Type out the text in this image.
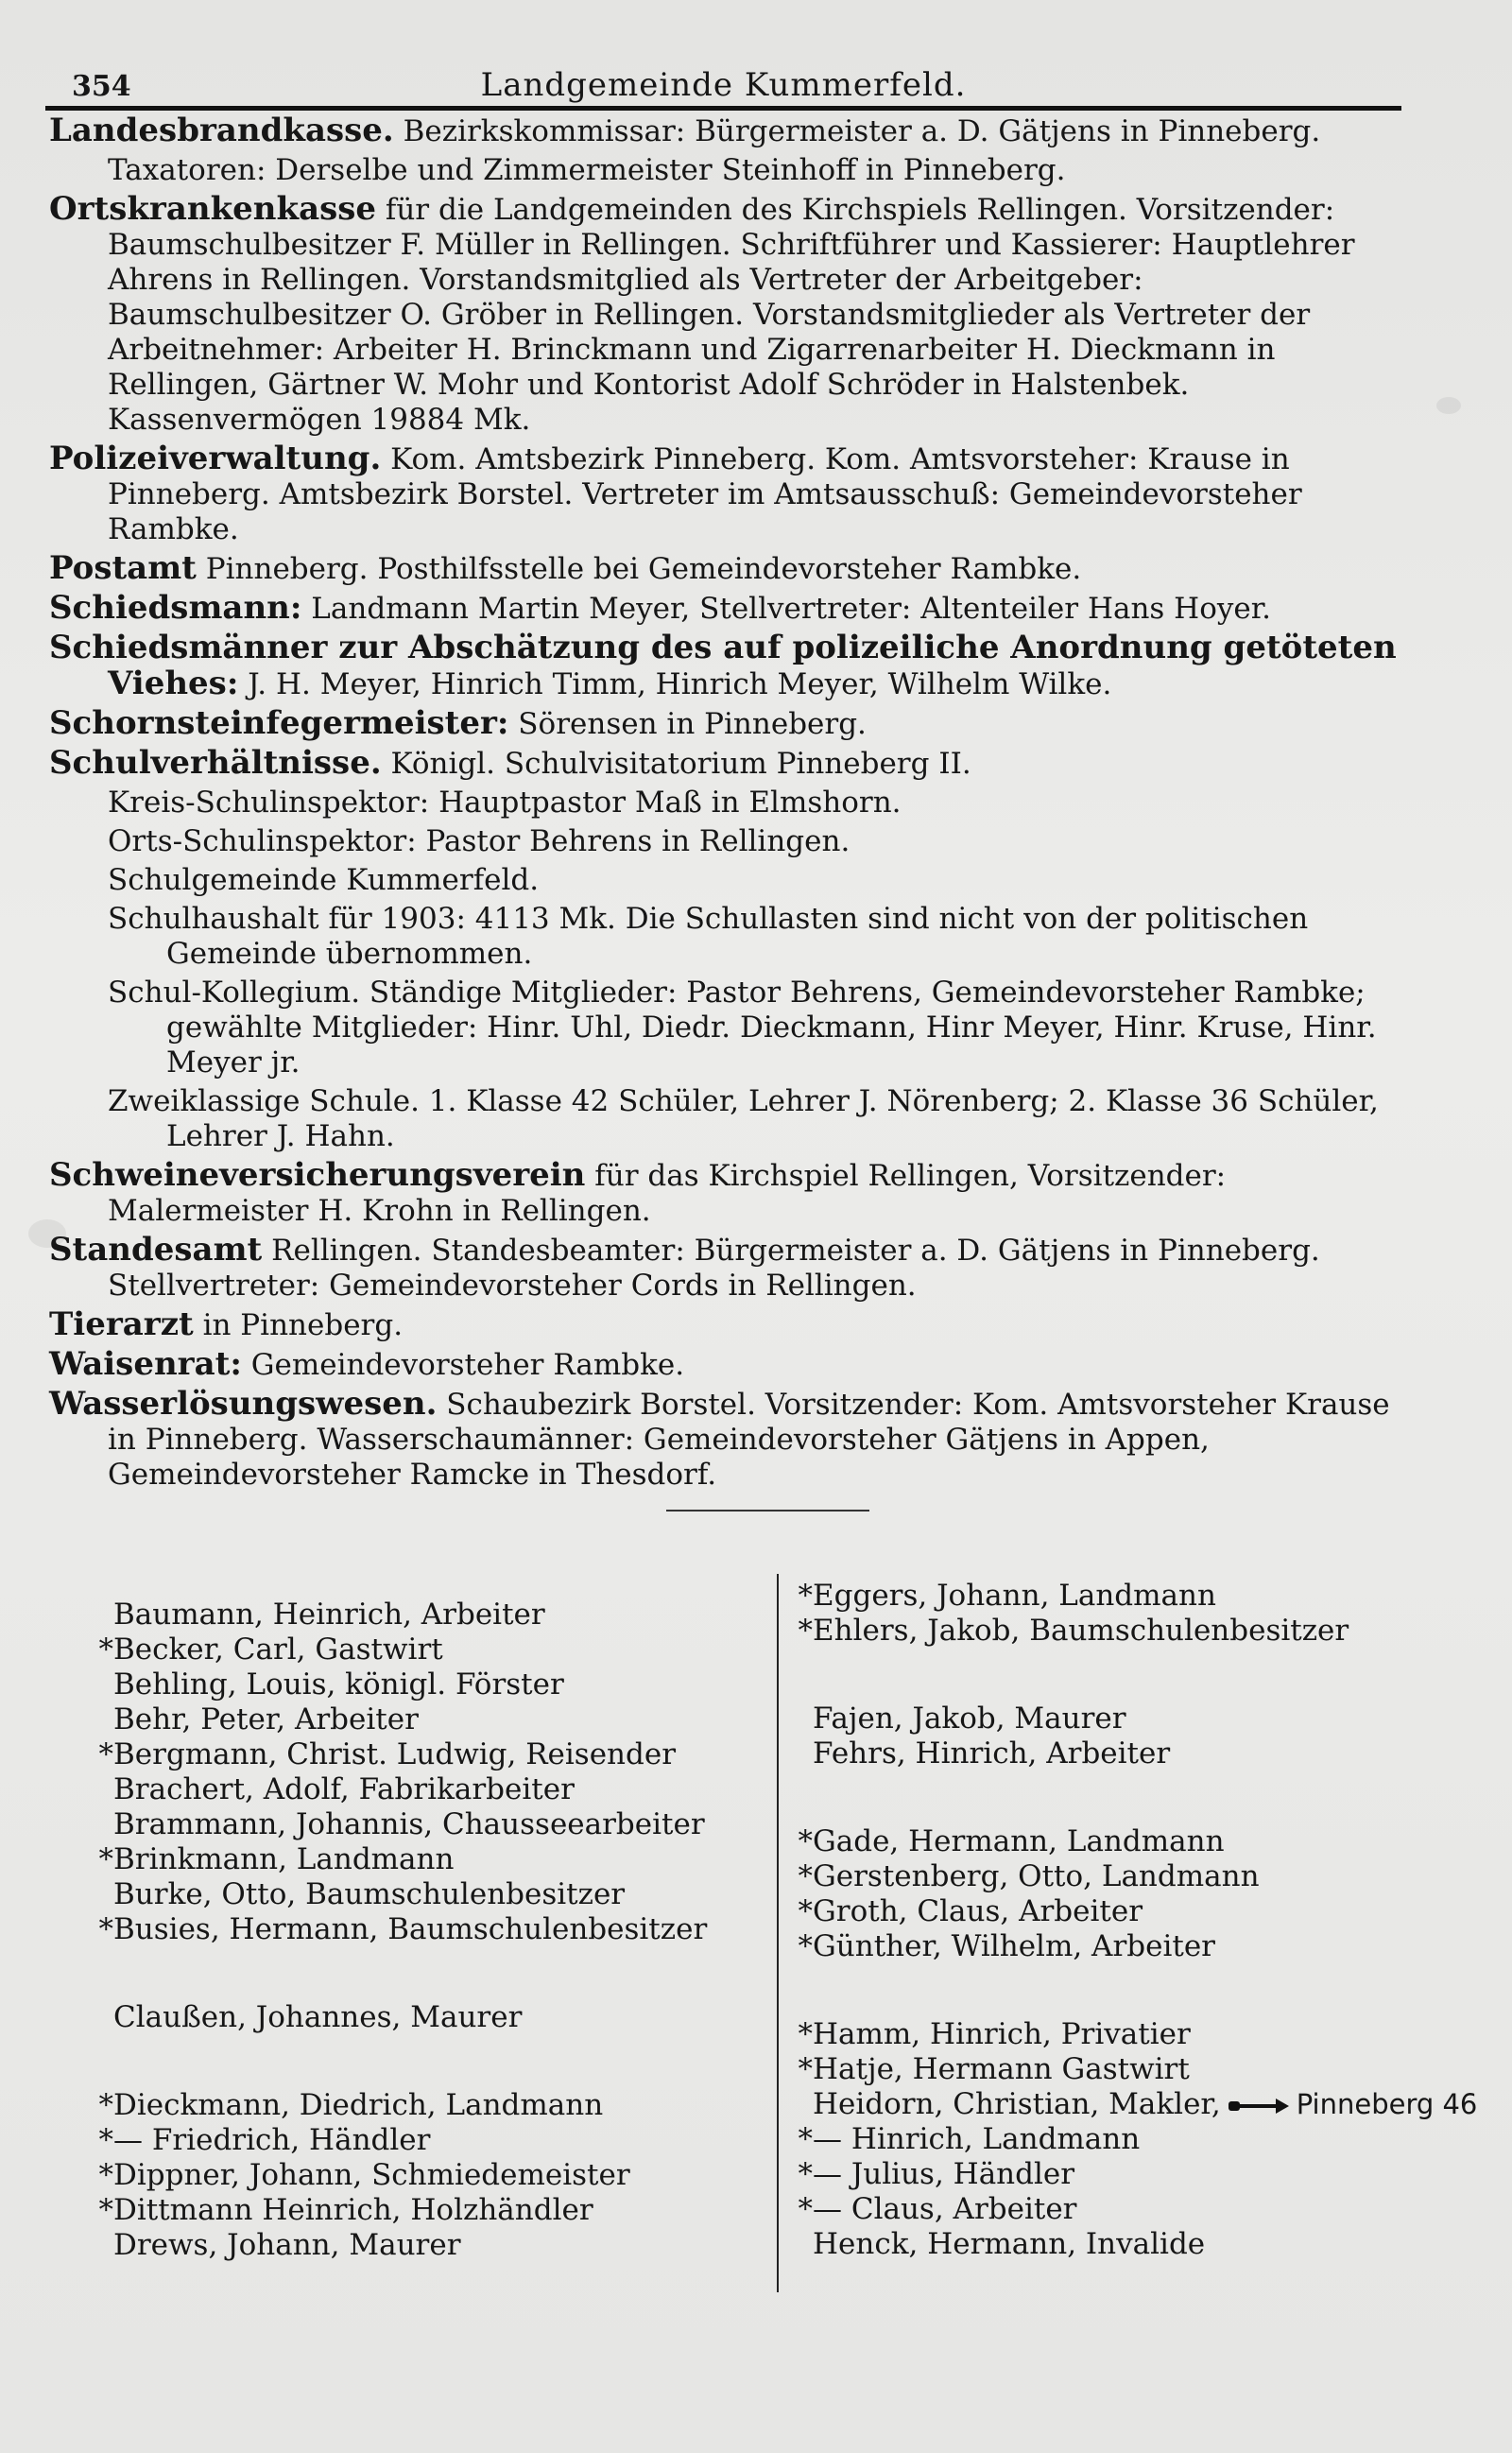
354	Landgemeinde Kummerfeld.

Landesbrandkasse. Bezirkskommissar: Bürgermeister a. D. Gätjens in Pinneberg.

Taxatoren: Derselbe und Zimmermeister Steinhoff in Pinneberg.

Ortskrankenkasse für die Landgemeinden des Kirchspiels Rellingen. Vorsitzender: Baumschulbesitzer F. Müller in Rellingen. Schriftführer und Kassierer: Hauptlehrer Ahrens in Rellingen. Vorstandsmitglied als Vertreter der Arbeitgeber: Baumschulbesitzer O. Gröber in Rellingen. Vorstandsmitglieder als Vertreter der Arbeitnehmer: Arbeiter H. Brinckmann und Zigarrenarbeiter H. Dieckmann in Rellingen, Gärtner W. Mohr und Kontorist Adolf Schröder in Halstenbek. Kassenvermögen 19884 Mk.

Polizeiverwaltung. Kom. Amtsbezirk Pinneberg. Kom. Amtsvorsteher: Krause in Pinneberg. Amtsbezirk Borstel. Vertreter im Amtsausschuß: Gemeindevorsteher Rambke.

Postamt Pinneberg. Posthilfsstelle bei Gemeindevorsteher Rambke.

Schiedsmann: Landmann Martin Meyer, Stellvertreter: Altenteiler Hans Hoyer.

Schiedsmänner zur Abschätzung des auf polizeiliche Anordnung getöteten Viehes: J. H. Meyer, Hinrich Timm, Hinrich Meyer, Wilhelm Wilke.

Schornsteinfegermeister: Sörensen in Pinneberg.

Schulverhältnisse. Königl. Schulvisitatorium Pinneberg II.

Kreis-Schulinspektor: Hauptpastor Maß in Elmshorn.

Orts-Schulinspektor: Pastor Behrens in Rellingen.

Schulgemeinde Kummerfeld.

Schulhaushalt für 1903: 4113 Mk. Die Schullasten sind nicht von der politischen Gemeinde übernommen.

Schul-Kollegium. Ständige Mitglieder: Pastor Behrens, Gemeindevorsteher Rambke; gewählte Mitglieder: Hinr. Uhl, Diedr. Dieckmann, Hinr Meyer, Hinr. Kruse, Hinr. Meyer jr.

Zweiklassige Schule. 1. Klasse 42 Schüler, Lehrer J. Nörenberg; 2. Klasse 36 Schüler, Lehrer J. Hahn.

Schweineversicherungsverein für das Kirchspiel Rellingen, Vorsitzender: Malermeister H. Krohn in Rellingen.

Standesamt Rellingen. Standesbeamter: Bürgermeister a. D. Gätjens in Pinneberg. Stellvertreter: Gemeindevorsteher Cords in Rellingen.

Tierarzt in Pinneberg.

Waisenrat: Gemeindevorsteher Rambke.

Wasserlösungswesen. Schaubezirk Borstel. Vorsitzender: Kom. Amtsvorsteher Krause in Pinneberg. Wasserschaumänner: Gemeindevorsteher Gätjens in Appen, Gemeindevorsteher Ramcke in Thesdorf.

Baumann, Heinrich, Arbeiter
*Becker, Carl, Gastwirt
Behling, Louis, königl. Förster
Behr, Peter, Arbeiter
*Bergmann, Christ. Ludwig, Reisender
Brachert, Adolf, Fabrikarbeiter
Brammann, Johannis, Chausseearbeiter
*Brinkmann, Landmann
Burke, Otto, Baumschulenbesitzer
*Busies, Hermann, Baumschulenbesitzer
Claußen, Johannes, Maurer
*Dieckmann, Diedrich, Landmann
*— Friedrich, Händler
*Dippner, Johann, Schmiedemeister
*Dittmann Heinrich, Holzhändler
Drews, Johann, Maurer
*Eggers, Johann, Landmann
*Ehlers, Jakob, Baumschulenbesitzer
Fajen, Jakob, Maurer
Fehrs, Hinrich, Arbeiter
*Gade, Hermann, Landmann
*Gerstenberg, Otto, Landmann
*Groth, Claus, Arbeiter
*Günther, Wilhelm, Arbeiter
*Hamm, Hinrich, Privatier
*Hatje, Hermann Gastwirt
Heidorn, Christian, Makler,	Pinneberg 46
*— Hinrich, Landmann
*— Julius, Händler
*— Claus, Arbeiter
Henck, Hermann, Invalide
